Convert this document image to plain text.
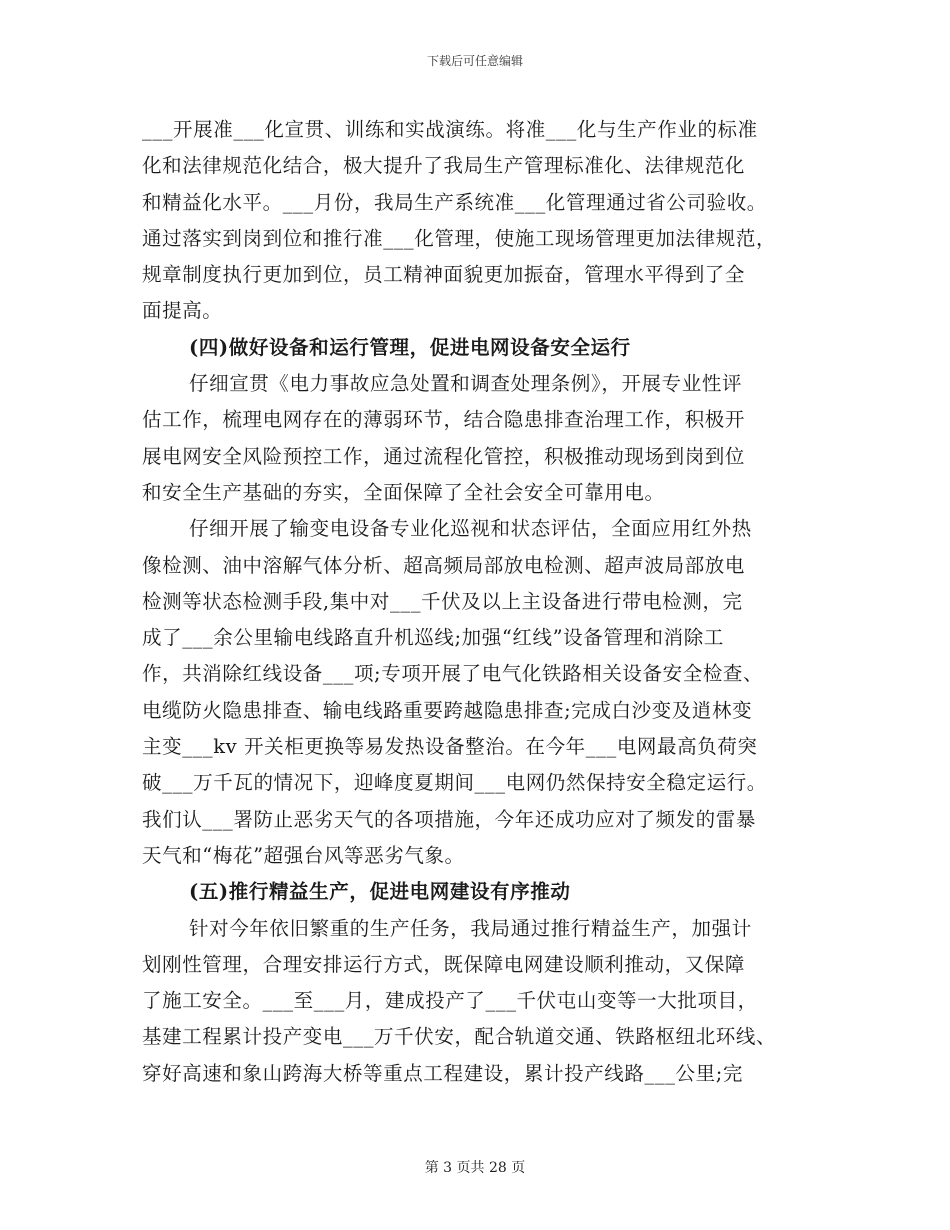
下载后可任意编辑
___开展准___化宣贯、训练和实战演练。将准___化与生产作业的标准
化和法律规范化结合，极大提升了我局生产管理标准化、法律规范化
和精益化水平。___月份，我局生产系统准___化管理通过省公司验收。
通过落实到岗到位和推行准___化管理，使施工现场管理更加法律规范，
规章制度执行更加到位，员工精神面貌更加振奋，管理水平得到了全
面提高。
(四)做好设备和运行管理，促进电网设备安全运行
仔细宣贯《电力事故应急处置和调查处理条例》，开展专业性评
估工作，梳理电网存在的薄弱环节，结合隐患排查治理工作，积极开
展电网安全风险预控工作，通过流程化管控，积极推动现场到岗到位
和安全生产基础的夯实，全面保障了全社会安全可靠用电。
仔细开展了输变电设备专业化巡视和状态评估，全面应用红外热
像检测、油中溶解气体分析、超高频局部放电检测、超声波局部放电
检测等状态检测手段,集中对___千伏及以上主设备进行带电检测，完
成了___余公里输电线路直升机巡线;加强“红线”设备管理和消除工
作，共消除红线设备___项;专项开展了电气化铁路相关设备安全检查、
电缆防火隐患排查、输电线路重要跨越隐患排查;完成白沙变及逍林变
主变___kv 开关柜更换等易发热设备整治。在今年___电网最高负荷突
破___万千瓦的情况下，迎峰度夏期间___电网仍然保持安全稳定运行。
我们认___署防止恶劣天气的各项措施，今年还成功应对了频发的雷暴
天气和“梅花”超强台风等恶劣气象。
(五)推行精益生产，促进电网建设有序推动
针对今年依旧繁重的生产任务，我局通过推行精益生产，加强计
划刚性管理，合理安排运行方式，既保障电网建设顺利推动，又保障
了施工安全。___至___月，建成投产了___千伏屯山变等一大批项目，
基建工程累计投产变电___万千伏安，配合轨道交通、铁路枢纽北环线、
穿好高速和象山跨海大桥等重点工程建设，累计投产线路___公里;完
第 3 页共 28 页
